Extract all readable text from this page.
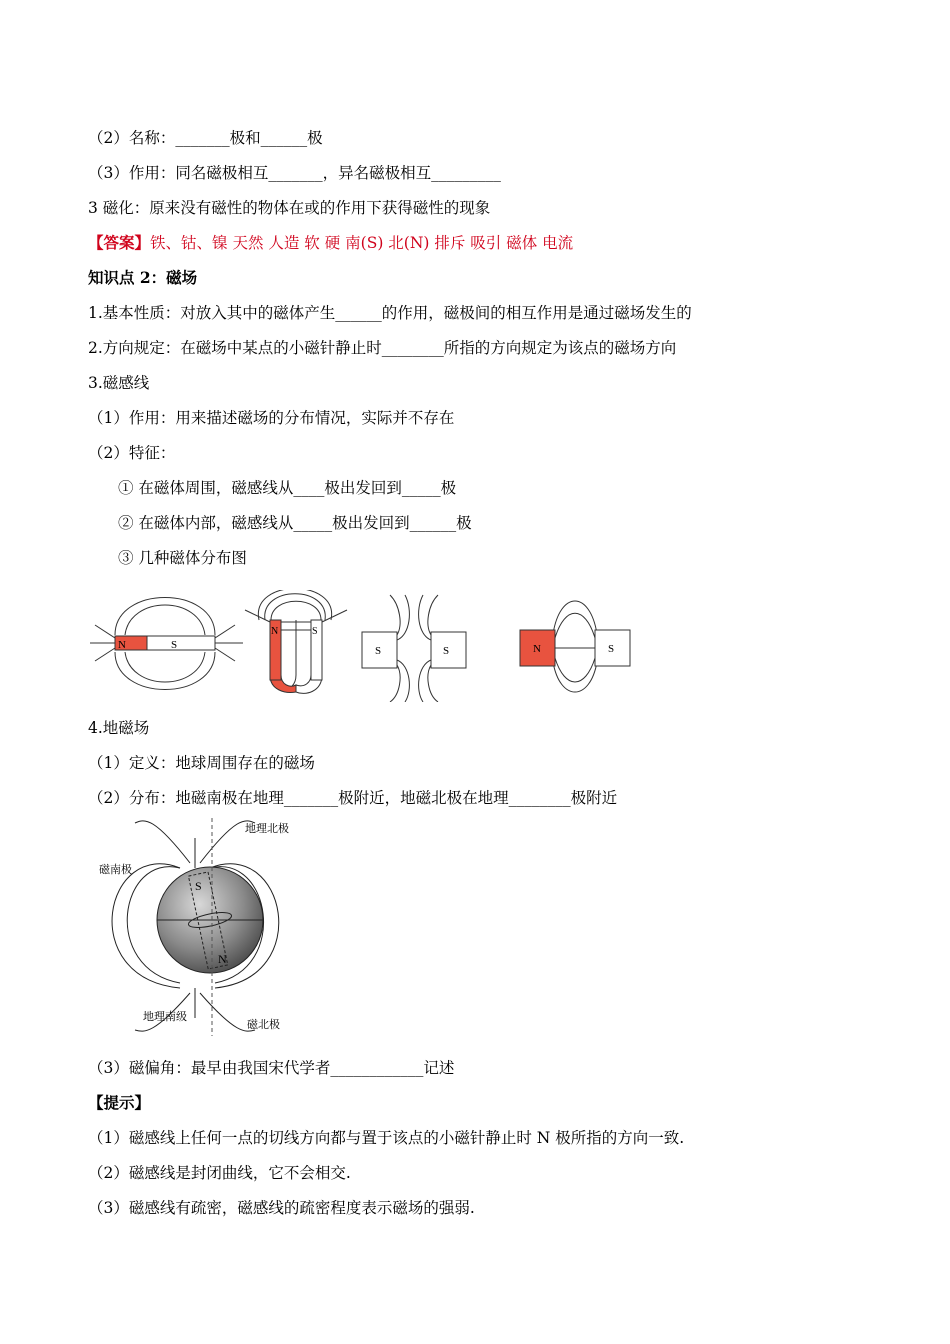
（2）名称：_______极和______极
（3）作用：同名磁极相互_______，异名磁极相互_________
3 磁化：原来没有磁性的物体在或的作用下获得磁性的现象
【答案】铁、钴、镍 天然 人造 软 硬 南(S) 北(N) 排斥 吸引 磁体 电流
知识点 2：磁场
1.基本性质：对放入其中的磁体产生______的作用，磁极间的相互作用是通过磁场发生的
2.方向规定：在磁场中某点的小磁针静止时________所指的方向规定为该点的磁场方向
3.磁感线
（1）作用：用来描述磁场的分布情况，实际并不存在
（2）特征：
① 在磁体周围，磁感线从____极出发回到_____极
② 在磁体内部，磁感线从_____极出发回到______极
③ 几种磁体分布图
N	S
N	S
S	S	N	S
4.地磁场
（1）定义：地球周围存在的磁场
（2）分布：地磁南极在地理_______极附近，地磁北极在地理________极附近
S
N
地理北极
磁南极
地理南级
磁北极
（3）磁偏角：最早由我国宋代学者____________记述
【提示】
（1）磁感线上任何一点的切线方向都与置于该点的小磁针静止时 N 极所指的方向一致.
（2）磁感线是封闭曲线，它不会相交.
（3）磁感线有疏密，磁感线的疏密程度表示磁场的强弱.
